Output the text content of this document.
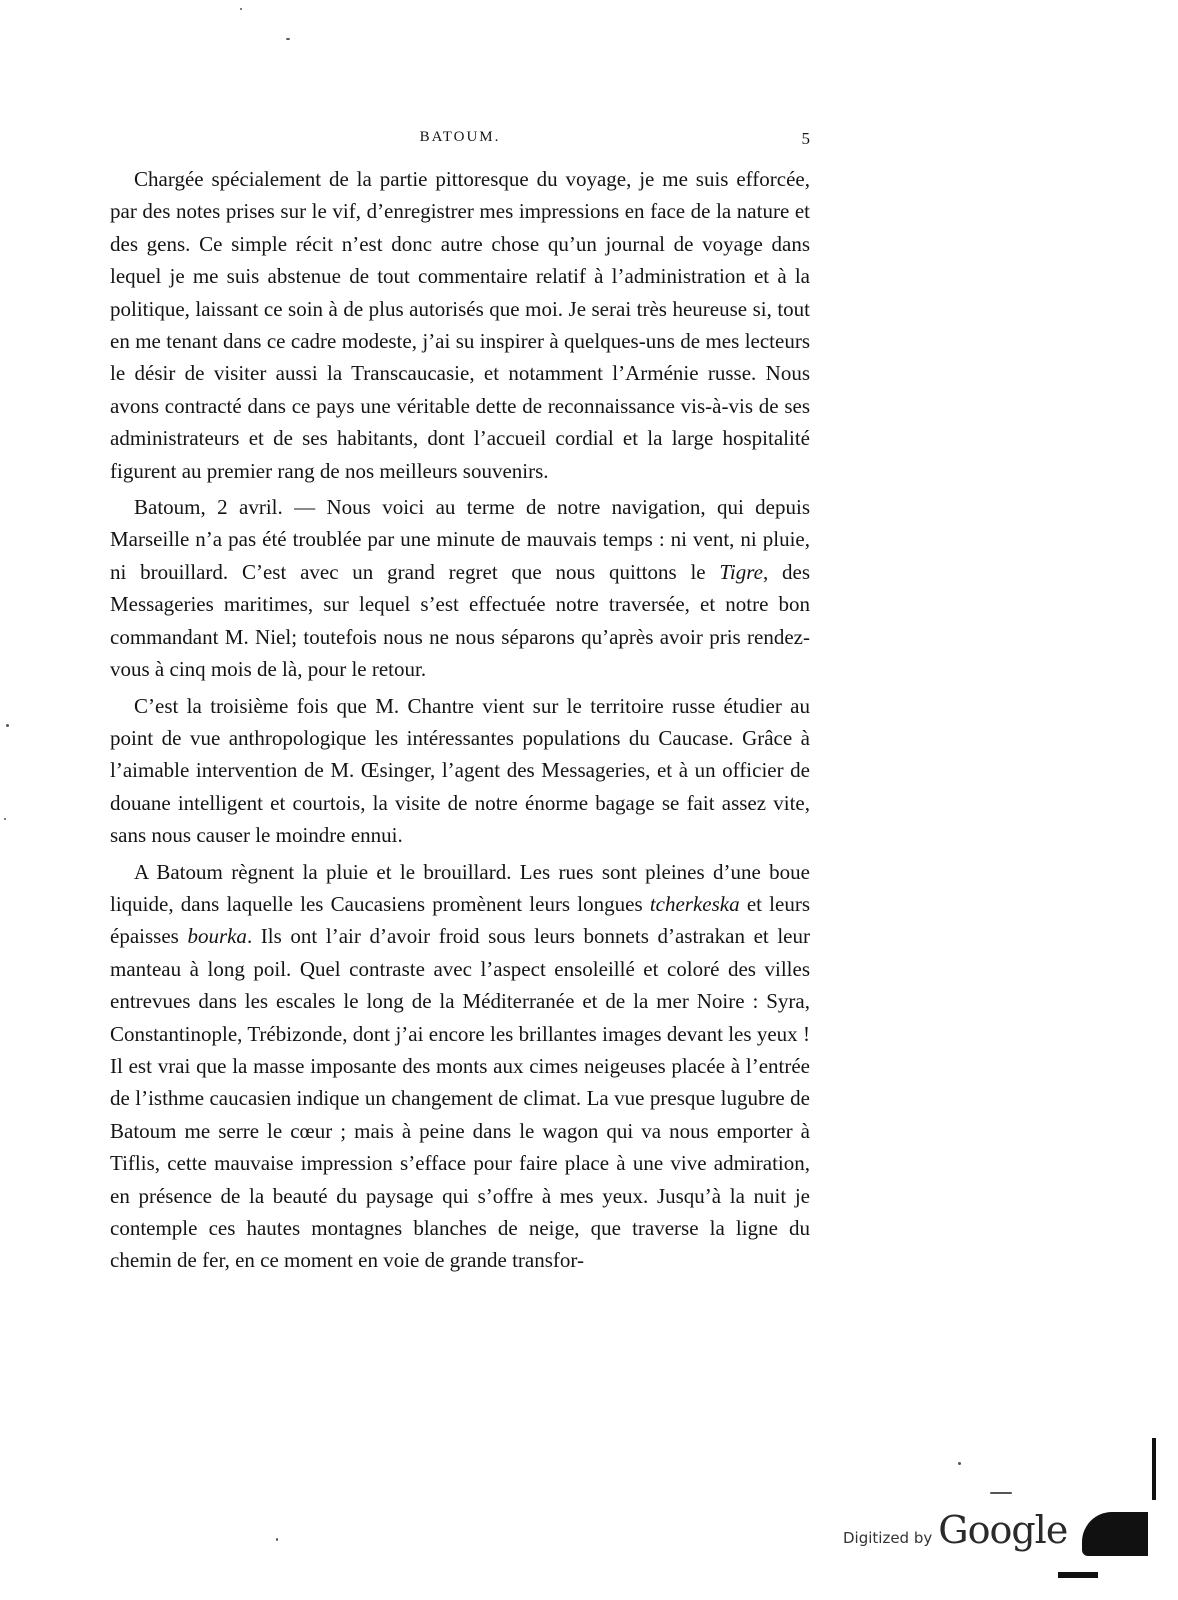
BATOUM.	5

Chargée spécialement de la partie pittoresque du voyage, je me suis efforcée, par des notes prises sur le vif, d’enregistrer mes impressions en face de la nature et des gens. Ce simple récit n’est donc autre chose qu’un journal de voyage dans lequel je me suis abstenue de tout commentaire relatif à l’administration et à la politique, laissant ce soin à de plus autorisés que moi. Je serai très heureuse si, tout en me tenant dans ce cadre modeste, j’ai su inspirer à quelques-uns de mes lecteurs le désir de visiter aussi la Transcaucasie, et notamment l’Arménie russe. Nous avons contracté dans ce pays une véritable dette de reconnaissance vis-à-vis de ses administrateurs et de ses habitants, dont l’accueil cordial et la large hospitalité figurent au premier rang de nos meilleurs souvenirs.

Batoum, 2 avril. — Nous voici au terme de notre navigation, qui depuis Marseille n’a pas été troublée par une minute de mauvais temps : ni vent, ni pluie, ni brouillard. C’est avec un grand regret que nous quittons le Tigre, des Messageries maritimes, sur lequel s’est effectuée notre traversée, et notre bon commandant M. Niel; toutefois nous ne nous séparons qu’après avoir pris rendez-vous à cinq mois de là, pour le retour.

C’est la troisième fois que M. Chantre vient sur le territoire russe étudier au point de vue anthropologique les intéressantes populations du Caucase. Grâce à l’aimable intervention de M. Œsinger, l’agent des Messageries, et à un officier de douane intelligent et courtois, la visite de notre énorme bagage se fait assez vite, sans nous causer le moindre ennui.

A Batoum règnent la pluie et le brouillard. Les rues sont pleines d’une boue liquide, dans laquelle les Caucasiens promènent leurs longues tcherkeska et leurs épaisses bourka. Ils ont l’air d’avoir froid sous leurs bonnets d’astrakan et leur manteau à long poil. Quel contraste avec l’aspect ensoleillé et coloré des villes entrevues dans les escales le long de la Méditerranée et de la mer Noire : Syra, Constantinople, Trébizonde, dont j’ai encore les brillantes images devant les yeux ! Il est vrai que la masse imposante des monts aux cimes neigeuses placée à l’entrée de l’isthme caucasien indique un changement de climat. La vue presque lugubre de Batoum me serre le cœur ; mais à peine dans le wagon qui va nous emporter à Tiflis, cette mauvaise impression s’efface pour faire place à une vive admiration, en présence de la beauté du paysage qui s’offre à mes yeux. Jusqu’à la nuit je contemple ces hautes montagnes blanches de neige, que traverse la ligne du chemin de fer, en ce moment en voie de grande transfor-

Digitized by Google
